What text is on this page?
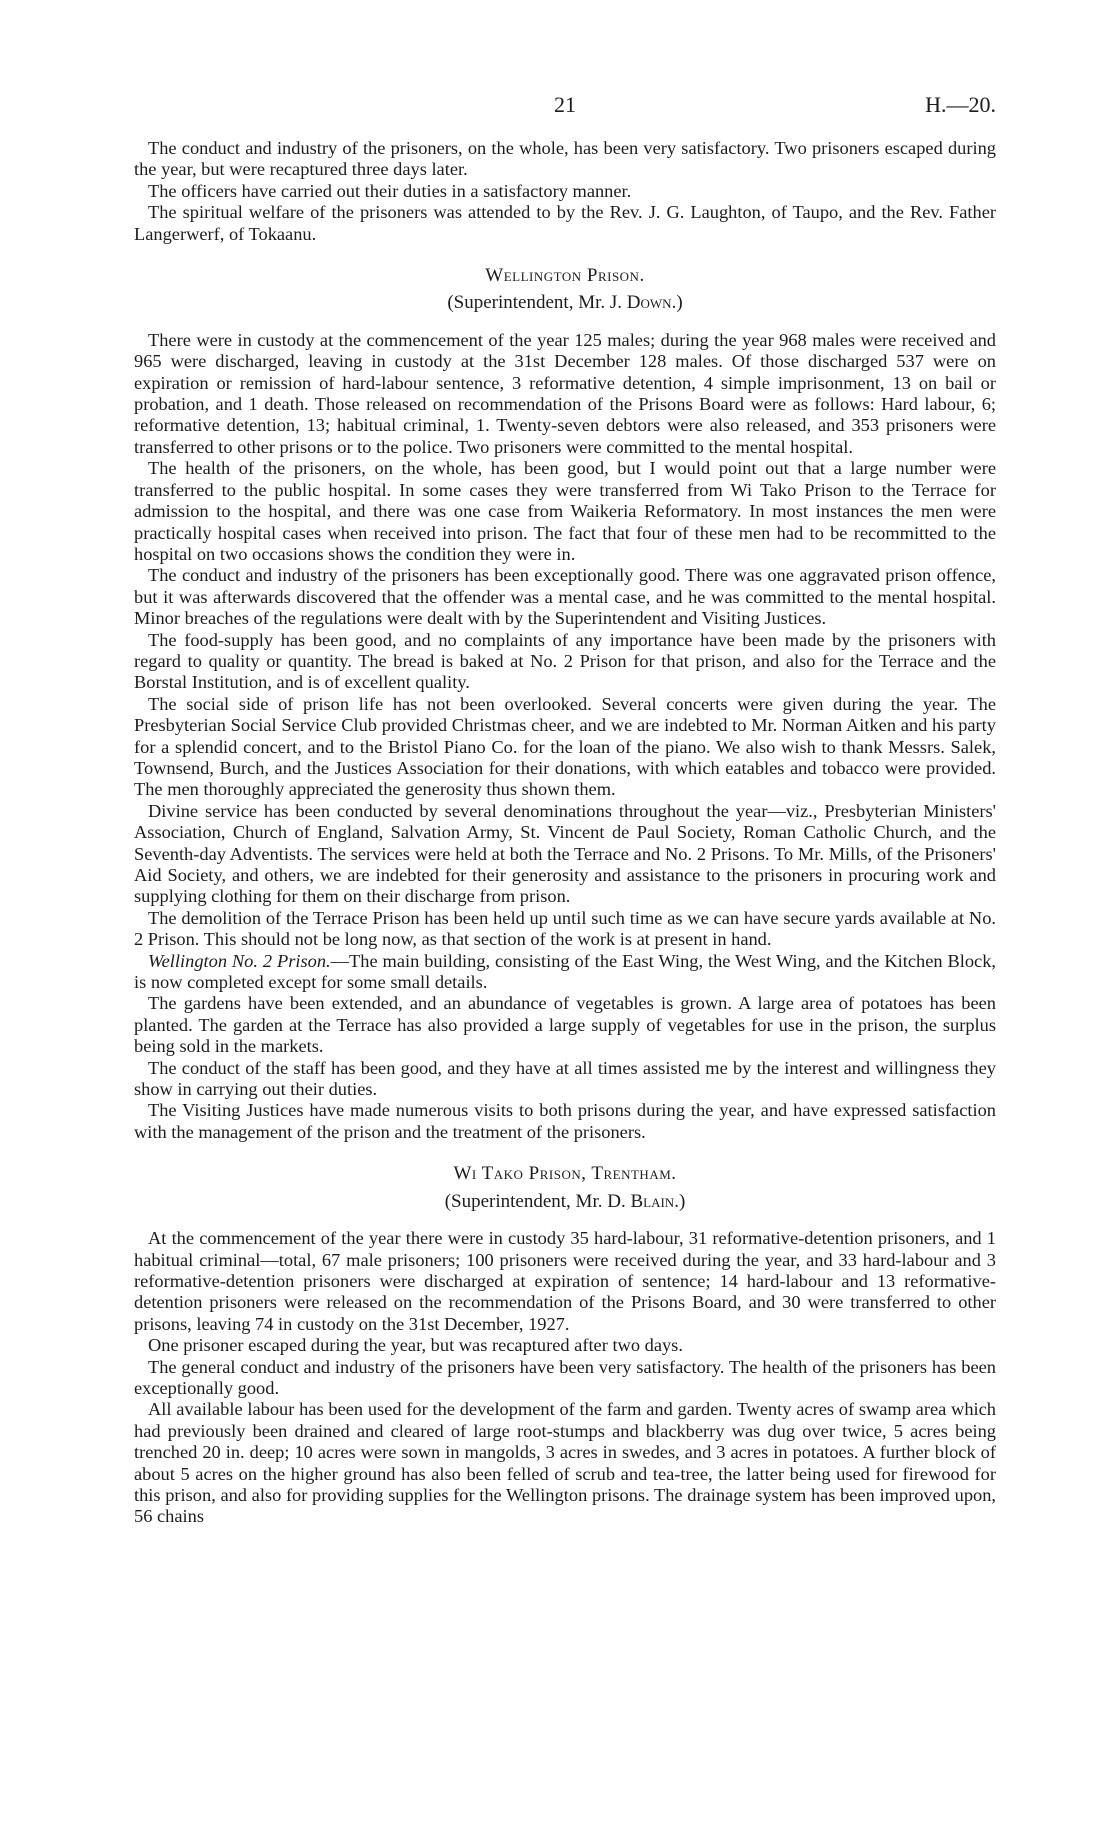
21	H.—20.

The conduct and industry of the prisoners, on the whole, has been very satisfactory. Two prisoners escaped during the year, but were recaptured three days later.

The officers have carried out their duties in a satisfactory manner.

The spiritual welfare of the prisoners was attended to by the Rev. J. G. Laughton, of Taupo, and the Rev. Father Langerwerf, of Tokaanu.

Wellington Prison.
(Superintendent, Mr. J. Down.)

There were in custody at the commencement of the year 125 males; during the year 968 males were received and 965 were discharged, leaving in custody at the 31st December 128 males. Of those discharged 537 were on expiration or remission of hard-labour sentence, 3 reformative detention, 4 simple imprisonment, 13 on bail or probation, and 1 death. Those released on recommendation of the Prisons Board were as follows: Hard labour, 6; reformative detention, 13; habitual criminal, 1. Twenty-seven debtors were also released, and 353 prisoners were transferred to other prisons or to the police. Two prisoners were committed to the mental hospital.

The health of the prisoners, on the whole, has been good, but I would point out that a large number were transferred to the public hospital. In some cases they were transferred from Wi Tako Prison to the Terrace for admission to the hospital, and there was one case from Waikeria Reformatory. In most instances the men were practically hospital cases when received into prison. The fact that four of these men had to be recommitted to the hospital on two occasions shows the condition they were in.

The conduct and industry of the prisoners has been exceptionally good. There was one aggravated prison offence, but it was afterwards discovered that the offender was a mental case, and he was committed to the mental hospital. Minor breaches of the regulations were dealt with by the Superintendent and Visiting Justices.

The food-supply has been good, and no complaints of any importance have been made by the prisoners with regard to quality or quantity. The bread is baked at No. 2 Prison for that prison, and also for the Terrace and the Borstal Institution, and is of excellent quality.

The social side of prison life has not been overlooked. Several concerts were given during the year. The Presbyterian Social Service Club provided Christmas cheer, and we are indebted to Mr. Norman Aitken and his party for a splendid concert, and to the Bristol Piano Co. for the loan of the piano. We also wish to thank Messrs. Salek, Townsend, Burch, and the Justices Association for their donations, with which eatables and tobacco were provided. The men thoroughly appreciated the generosity thus shown them.

Divine service has been conducted by several denominations throughout the year—viz., Presbyterian Ministers' Association, Church of England, Salvation Army, St. Vincent de Paul Society, Roman Catholic Church, and the Seventh-day Adventists. The services were held at both the Terrace and No. 2 Prisons. To Mr. Mills, of the Prisoners' Aid Society, and others, we are indebted for their generosity and assistance to the prisoners in procuring work and supplying clothing for them on their discharge from prison.

The demolition of the Terrace Prison has been held up until such time as we can have secure yards available at No. 2 Prison. This should not be long now, as that section of the work is at present in hand.

Wellington No. 2 Prison.—The main building, consisting of the East Wing, the West Wing, and the Kitchen Block, is now completed except for some small details.

The gardens have been extended, and an abundance of vegetables is grown. A large area of potatoes has been planted. The garden at the Terrace has also provided a large supply of vegetables for use in the prison, the surplus being sold in the markets.

The conduct of the staff has been good, and they have at all times assisted me by the interest and willingness they show in carrying out their duties.

The Visiting Justices have made numerous visits to both prisons during the year, and have expressed satisfaction with the management of the prison and the treatment of the prisoners.

Wi Tako Prison, Trentham.
(Superintendent, Mr. D. Blain.)

At the commencement of the year there were in custody 35 hard-labour, 31 reformative-detention prisoners, and 1 habitual criminal—total, 67 male prisoners; 100 prisoners were received during the year, and 33 hard-labour and 3 reformative-detention prisoners were discharged at expiration of sentence; 14 hard-labour and 13 reformative-detention prisoners were released on the recommendation of the Prisons Board, and 30 were transferred to other prisons, leaving 74 in custody on the 31st December, 1927.

One prisoner escaped during the year, but was recaptured after two days.

The general conduct and industry of the prisoners have been very satisfactory. The health of the prisoners has been exceptionally good.

All available labour has been used for the development of the farm and garden. Twenty acres of swamp area which had previously been drained and cleared of large root-stumps and blackberry was dug over twice, 5 acres being trenched 20 in. deep; 10 acres were sown in mangolds, 3 acres in swedes, and 3 acres in potatoes. A further block of about 5 acres on the higher ground has also been felled of scrub and tea-tree, the latter being used for firewood for this prison, and also for providing supplies for the Wellington prisons. The drainage system has been improved upon, 56 chains
